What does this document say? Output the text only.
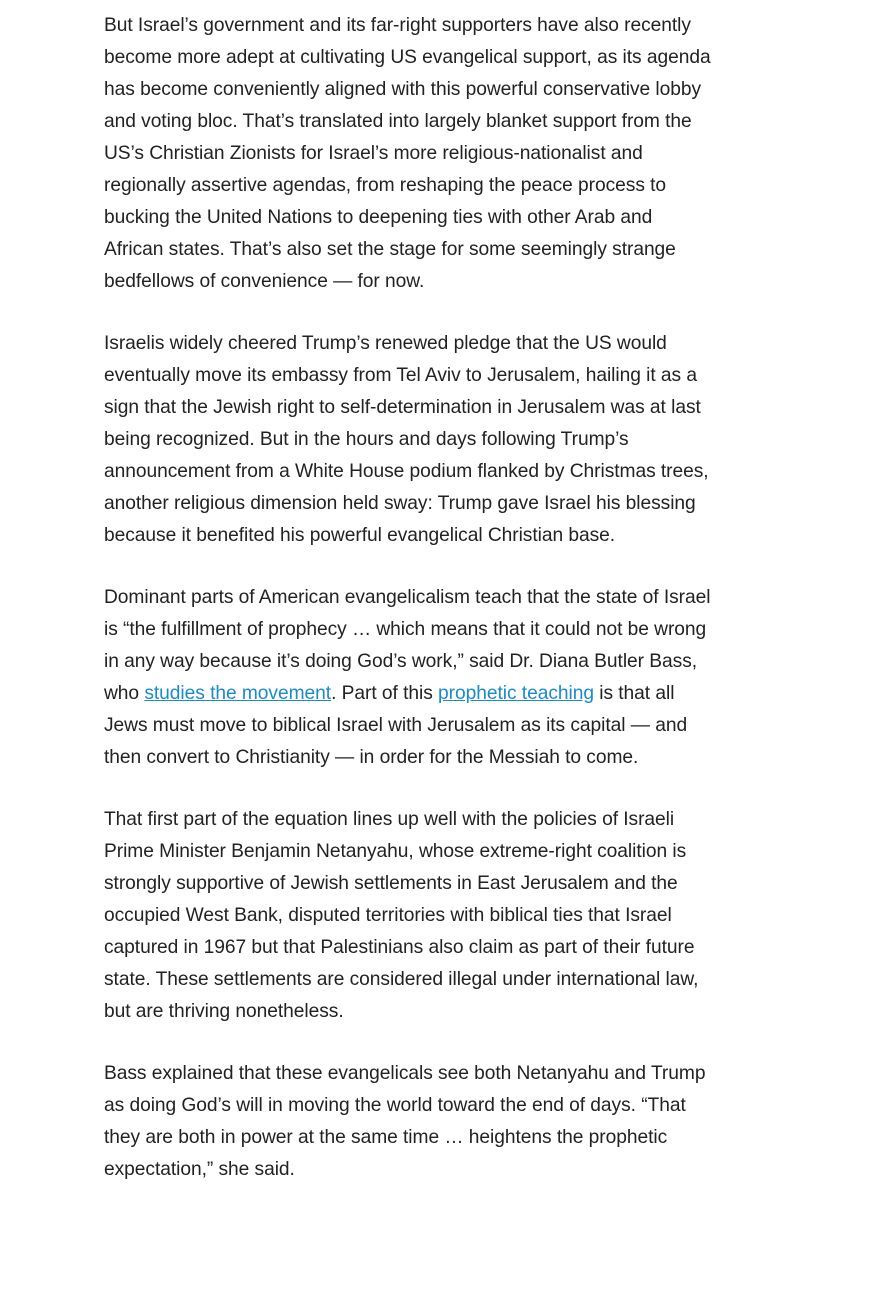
But Israel’s government and its far-right supporters have also recently become more adept at cultivating US evangelical support, as its agenda has become conveniently aligned with this powerful conservative lobby and voting bloc. That’s translated into largely blanket support from the US’s Christian Zionists for Israel’s more religious-nationalist and regionally assertive agendas, from reshaping the peace process to bucking the United Nations to deepening ties with other Arab and African states. That’s also set the stage for some seemingly strange bedfellows of convenience — for now.

Israelis widely cheered Trump’s renewed pledge that the US would eventually move its embassy from Tel Aviv to Jerusalem, hailing it as a sign that the Jewish right to self-determination in Jerusalem was at last being recognized. But in the hours and days following Trump’s announcement from a White House podium flanked by Christmas trees, another religious dimension held sway: Trump gave Israel his blessing because it benefited his powerful evangelical Christian base.

Dominant parts of American evangelicalism teach that the state of Israel is “the fulfillment of prophecy … which means that it could not be wrong in any way because it’s doing God’s work,” said Dr. Diana Butler Bass, who studies the movement. Part of this prophetic teaching is that all Jews must move to biblical Israel with Jerusalem as its capital — and then convert to Christianity — in order for the Messiah to come.

That first part of the equation lines up well with the policies of Israeli Prime Minister Benjamin Netanyahu, whose extreme-right coalition is strongly supportive of Jewish settlements in East Jerusalem and the occupied West Bank, disputed territories with biblical ties that Israel captured in 1967 but that Palestinians also claim as part of their future state. These settlements are considered illegal under international law, but are thriving nonetheless.

Bass explained that these evangelicals see both Netanyahu and Trump as doing God’s will in moving the world toward the end of days. “That they are both in power at the same time … heightens the prophetic expectation,” she said.
